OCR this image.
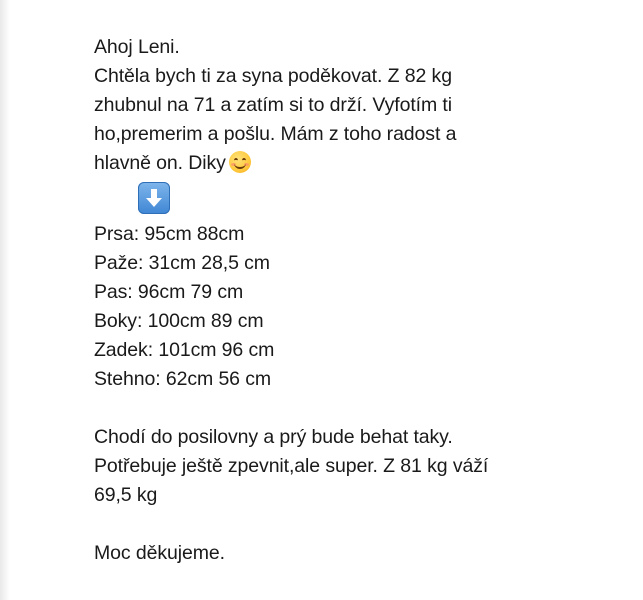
Ahoj Leni.
Chtěla bych ti za syna poděkovat. Z 82 kg
zhubnul na 71 a zatím si to drží. Vyfotím ti
ho,premerim a pošlu. Mám z toho radost a
hlavně on. Diky
Prsa: 95cm 88cm
Paže: 31cm 28,5 cm
Pas: 96cm 79 cm
Boky: 100cm 89 cm
Zadek: 101cm 96 cm
Stehno: 62cm 56 cm
Chodí do posilovny a prý bude behat taky.
Potřebuje ještě zpevnit,ale super. Z 81 kg váží
69,5 kg
Moc děkujeme.
